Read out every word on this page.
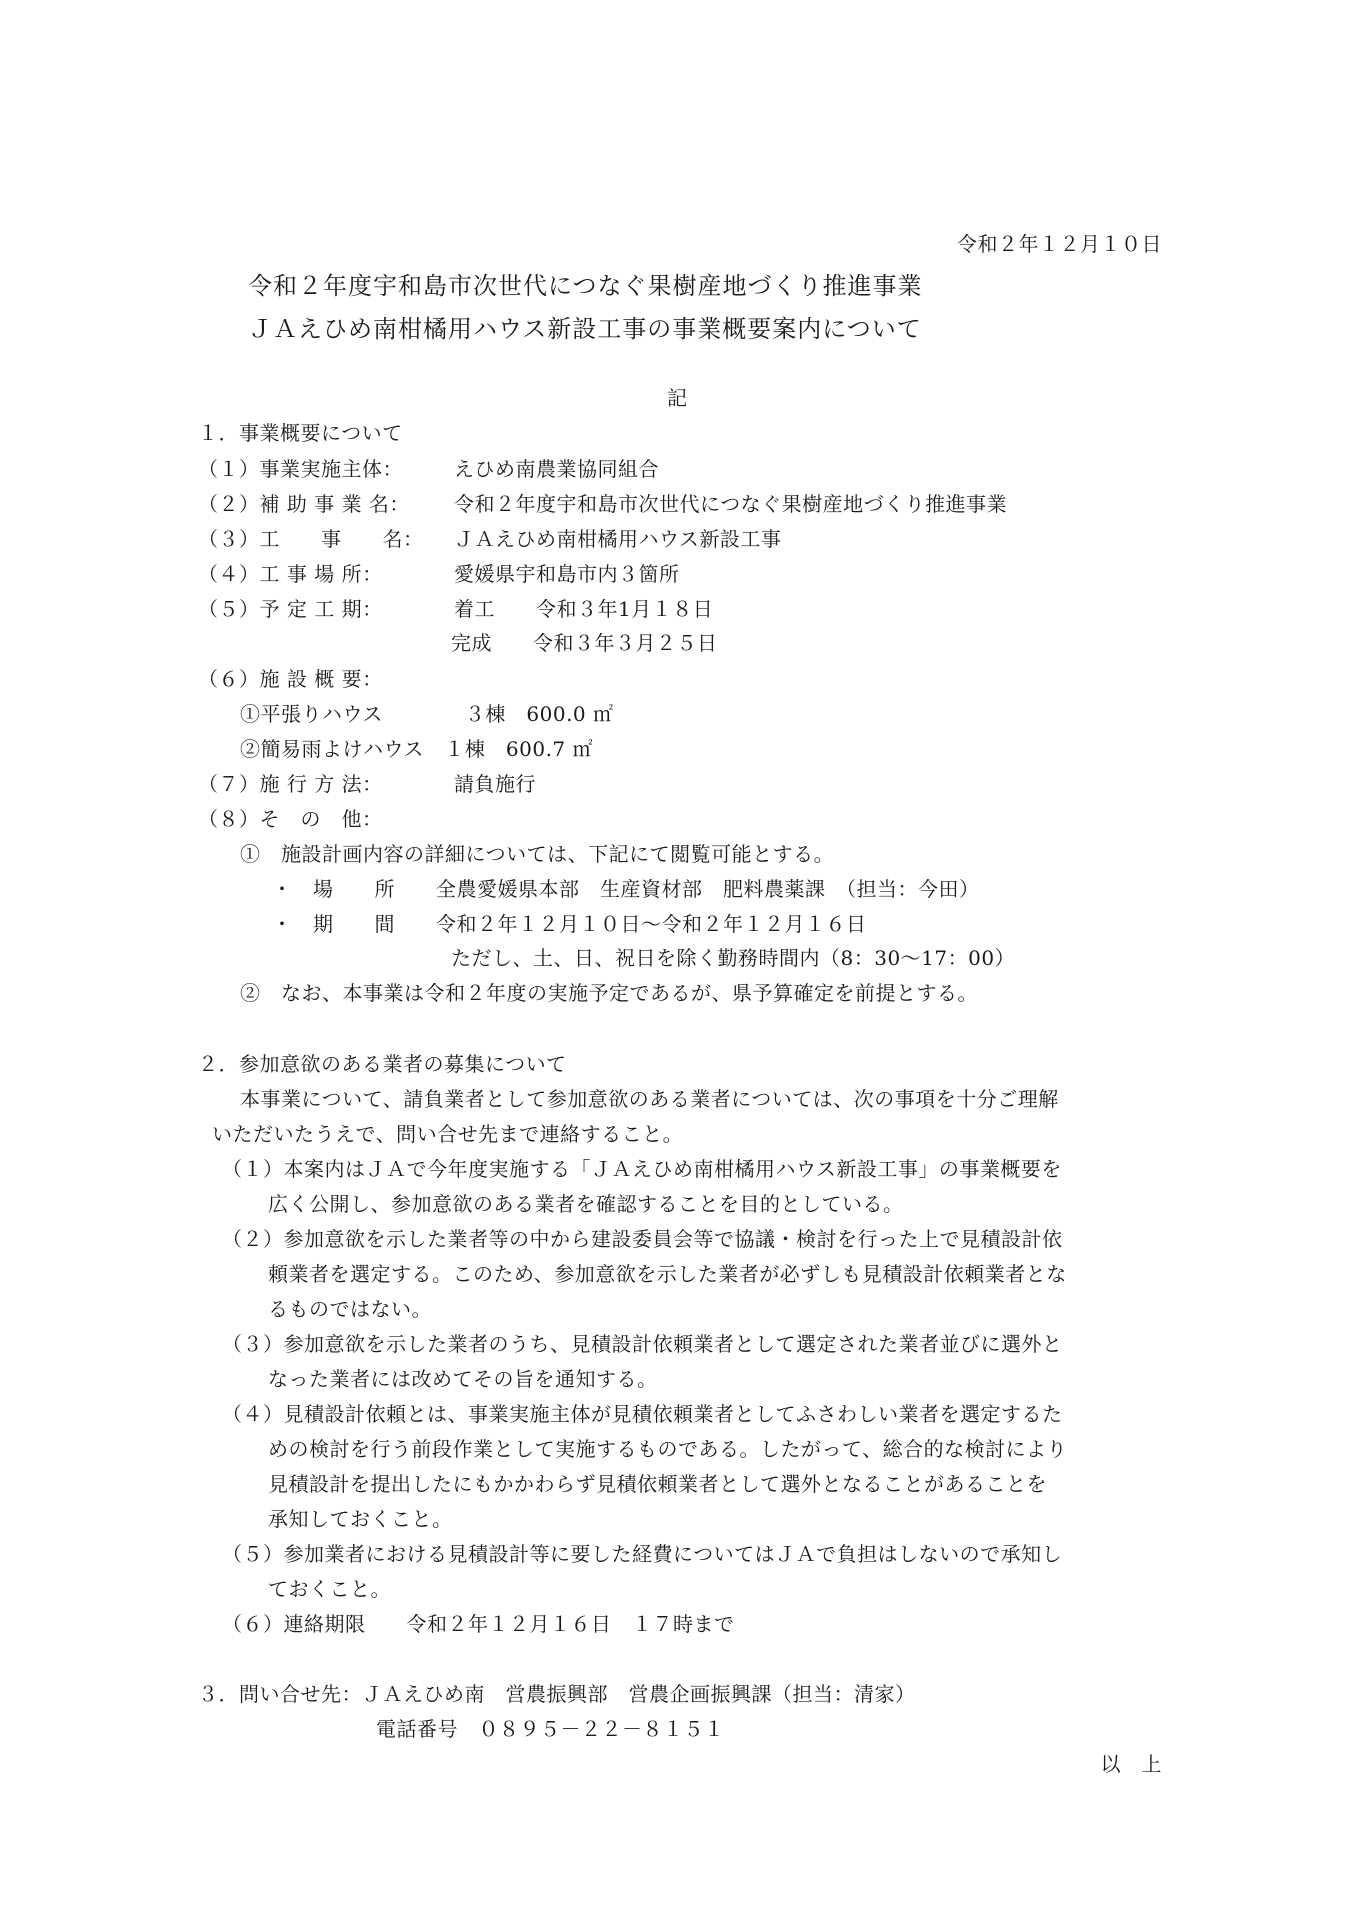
令和２年１２月１０日
令和２年度宇和島市次世代につなぐ果樹産地づくり推進事業
ＪＡえひめ南柑橘用ハウス新設工事の事業概要案内について
記
１．事業概要について
（１）事業実施主体：	えひめ南農業協同組合
（２）補 助 事 業 名： 令和２年度宇和島市次世代につなぐ果樹産地づくり推進事業
（３）工　　事　　名： ＪＡえひめ南柑橘用ハウス新設工事
（４）工 事 場 所：	愛媛県宇和島市内３箇所
（５）予 定 工 期：	着工　　令和３年1月１８日
完成　　令和３年３月２５日
（６）施 設 概 要：
①平張りハウス　　　　３棟　600.0 ㎡
②簡易雨よけハウス　１棟　600.7 ㎡
（７）施 行 方 法：	請負施行
（８）そ　の　他：
①　施設計画内容の詳細については、下記にて閲覧可能とする。
・　場　　所　　全農愛媛県本部　生産資材部　肥料農薬課　（担当：今田）
・　期　　間　　令和２年１２月１０日～令和２年１２月１６日
ただし、土、日、祝日を除く勤務時間内（8：30～17：00）
②　なお、本事業は令和２年度の実施予定であるが、県予算確定を前提とする。
２．参加意欲のある業者の募集について
本事業について、請負業者として参加意欲のある業者については、次の事項を十分ご理解
いただいたうえで、問い合せ先まで連絡すること。
（１）本案内はＪＡで今年度実施する「ＪＡえひめ南柑橘用ハウス新設工事」の事業概要を
広く公開し、参加意欲のある業者を確認することを目的としている。
（２）参加意欲を示した業者等の中から建設委員会等で協議・検討を行った上で見積設計依
頼業者を選定する。このため、参加意欲を示した業者が必ずしも見積設計依頼業者とな
るものではない。
（３）参加意欲を示した業者のうち、見積設計依頼業者として選定された業者並びに選外と
なった業者には改めてその旨を通知する。
（４）見積設計依頼とは、事業実施主体が見積依頼業者としてふさわしい業者を選定するた
めの検討を行う前段作業として実施するものである。したがって、総合的な検討により
見積設計を提出したにもかかわらず見積依頼業者として選外となることがあることを
承知しておくこと。
（５）参加業者における見積設計等に要した経費についてはＪＡで負担はしないので承知し
ておくこと。
（６）連絡期限　　令和２年１２月１６日　１７時まで
３．問い合せ先：ＪＡえひめ南　営農振興部　営農企画振興課（担当：清家）
電話番号　０８９５－２２－８１５１
以　上
